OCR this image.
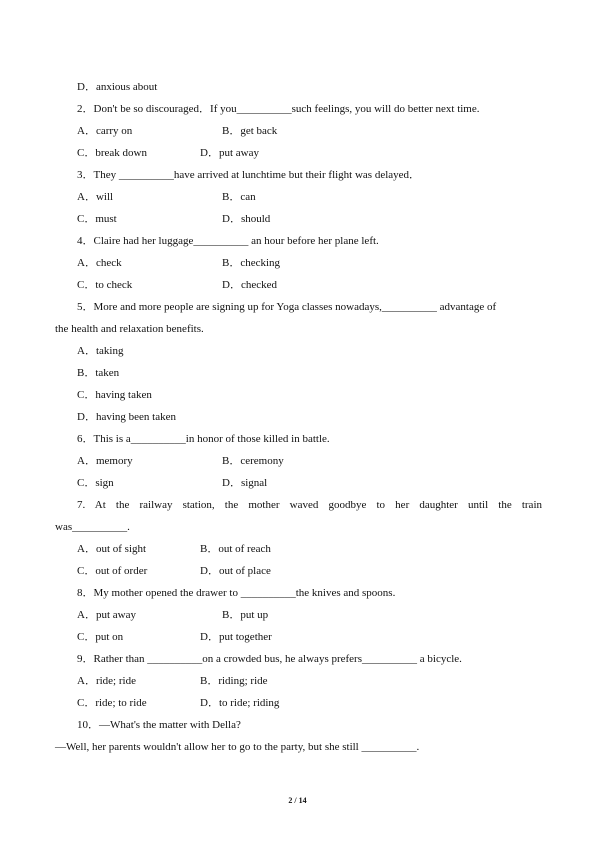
D．anxious about
2．Don't be so discouraged．If you__________such feelings, you will do better next time.
A．carry on	B．get back
C．break down	D．put away
3．They __________have arrived at lunchtime but their flight was delayed．
A．will	B．can
C．must	D．should
4．Claire had her luggage__________ an hour before her plane left.
A．check	B．checking
C．to check	D．checked
5．More and more people are signing up for Yoga classes nowadays,__________ advantage of
the health and relaxation benefits.
A．taking
B．taken
C．having taken
D．having been taken
6．This is a__________in honor of those killed in battle.
A．memory	B．ceremony
C．sign	D．signal
7. At the railway station, the mother waved goodbye to her daughter until the train
was__________.
A．out of sight	B．out of reach
C．out of order	D．out of place
8．My mother opened the drawer to __________the knives and spoons.
A．put away	B．put up
C．put on	D．put together
9．Rather than __________on a crowded bus, he always prefers__________ a bicycle.
A．ride; ride	B．riding; ride
C．ride; to ride	D．to ride; riding
10．—What's the matter with Della?
—Well, her parents wouldn't allow her to go to the party, but she still __________.
2 / 14
